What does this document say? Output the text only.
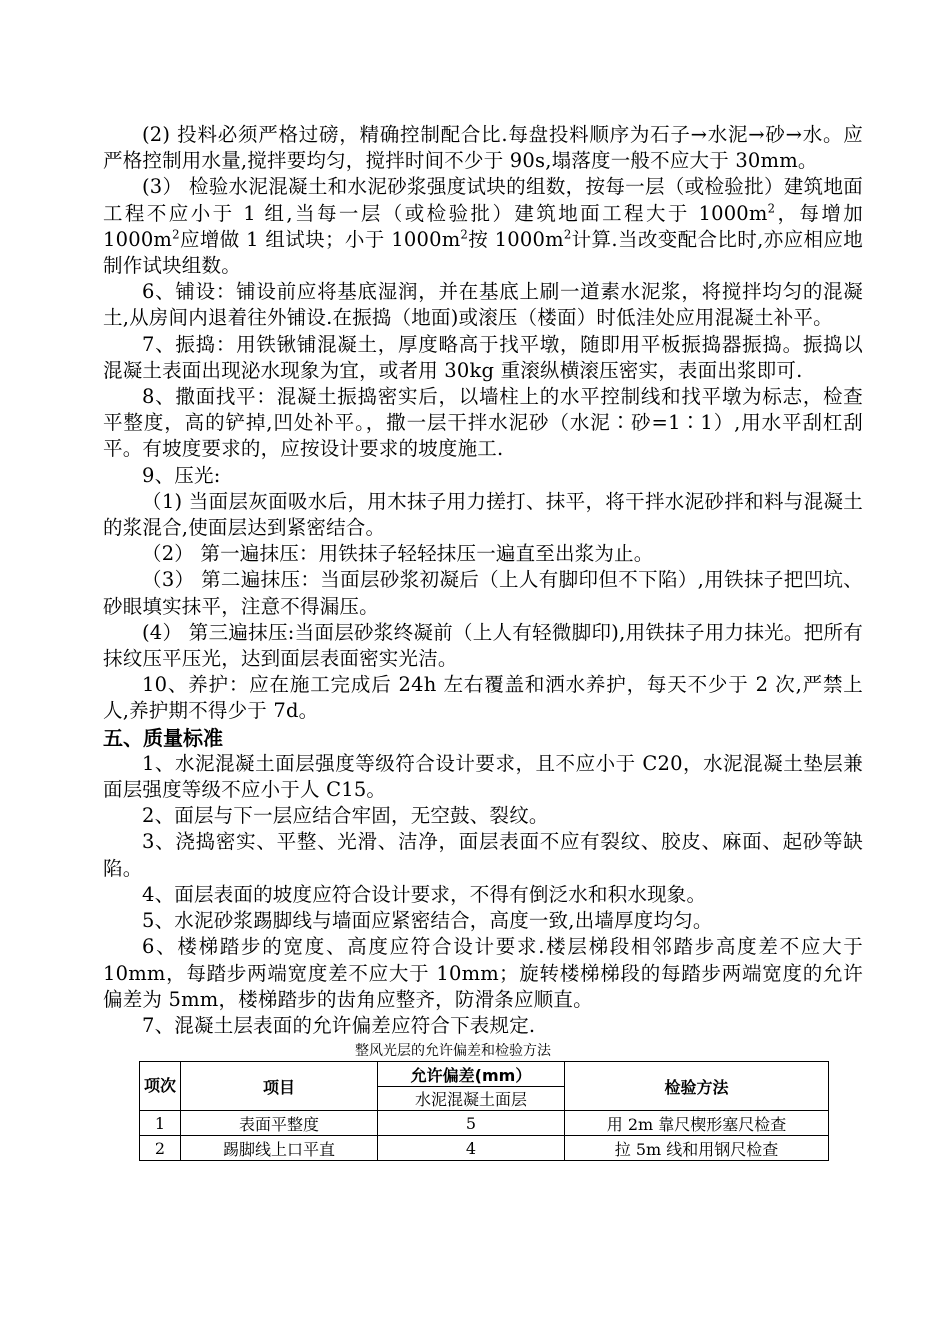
(2) 投料必须严格过磅，精确控制配合比.每盘投料顺序为石子→水泥→砂→水。应严格控制用水量,搅拌要均匀，搅拌时间不少于 90s,塌落度一般不应大于 30mm。

(3） 检验水泥混凝土和水泥砂浆强度试块的组数，按每一层（或检验批）建筑地面工程不应小于 1 组,当每一层（或检验批）建筑地面工程大于 $1000m^2$，每增加 $1000m^2$应增做 1 组试块；小于 $1000m^2$按 $1000m^2$计算.当改变配合比时,亦应相应地制作试块组数。

6、铺设：铺设前应将基底湿润，并在基底上刷一道素水泥浆，将搅拌均匀的混凝土,从房间内退着往外铺设.在振捣（地面)或滚压（楼面）时低洼处应用混凝土补平。

7、振捣：用铁锹铺混凝土，厚度略高于找平墩，随即用平板振捣器振捣。振捣以混凝土表面出现泌水现象为宜，或者用 30kg 重滚纵横滚压密实，表面出浆即可.

8、撒面找平：混凝土振捣密实后，以墙柱上的水平控制线和找平墩为标志，检查平整度，高的铲掉,凹处补平。，撒一层干拌水泥砂（水泥∶砂=1∶1）,用水平刮杠刮平。有坡度要求的，应按设计要求的坡度施工.

9、压光:

（1) 当面层灰面吸水后，用木抹子用力搓打、抹平，将干拌水泥砂拌和料与混凝土的浆混合,使面层达到紧密结合。

（2） 第一遍抹压：用铁抹子轻轻抹压一遍直至出浆为止。

（3） 第二遍抹压：当面层砂浆初凝后（上人有脚印但不下陷）,用铁抹子把凹坑、砂眼填实抹平，注意不得漏压。

(4） 第三遍抹压:当面层砂浆终凝前（上人有轻微脚印),用铁抹子用力抹光。把所有抹纹压平压光，达到面层表面密实光洁。

10、养护：应在施工完成后 24h 左右覆盖和洒水养护，每天不少于 2 次,严禁上人,养护期不得少于 7d。

五、质量标准

1、水泥混凝土面层强度等级符合设计要求，且不应小于 C20，水泥混凝土垫层兼面层强度等级不应小于人 C15。

2、面层与下一层应结合牢固，无空鼓、裂纹。

3、浇捣密实、平整、光滑、洁净，面层表面不应有裂纹、胶皮、麻面、起砂等缺陷。

4、面层表面的坡度应符合设计要求，不得有倒泛水和积水现象。

5、水泥砂浆踢脚线与墙面应紧密结合，高度一致,出墙厚度均匀。

6、楼梯踏步的宽度、高度应符合设计要求.楼层梯段相邻踏步高度差不应大于 10mm，每踏步两端宽度差不应大于 10mm；旋转楼梯梯段的每踏步两端宽度的允许偏差为 5mm，楼梯踏步的齿角应整齐，防滑条应顺直。

7、混凝土层表面的允许偏差应符合下表规定.

整风光层的允许偏差和检验方法

项次	项目	允许偏差(mm）	检验方法
		水泥混凝土面层	
1	表面平整度	5	用 2m 靠尺楔形塞尺检查
2	踢脚线上口平直	4	拉 5m 线和用钢尺检查
